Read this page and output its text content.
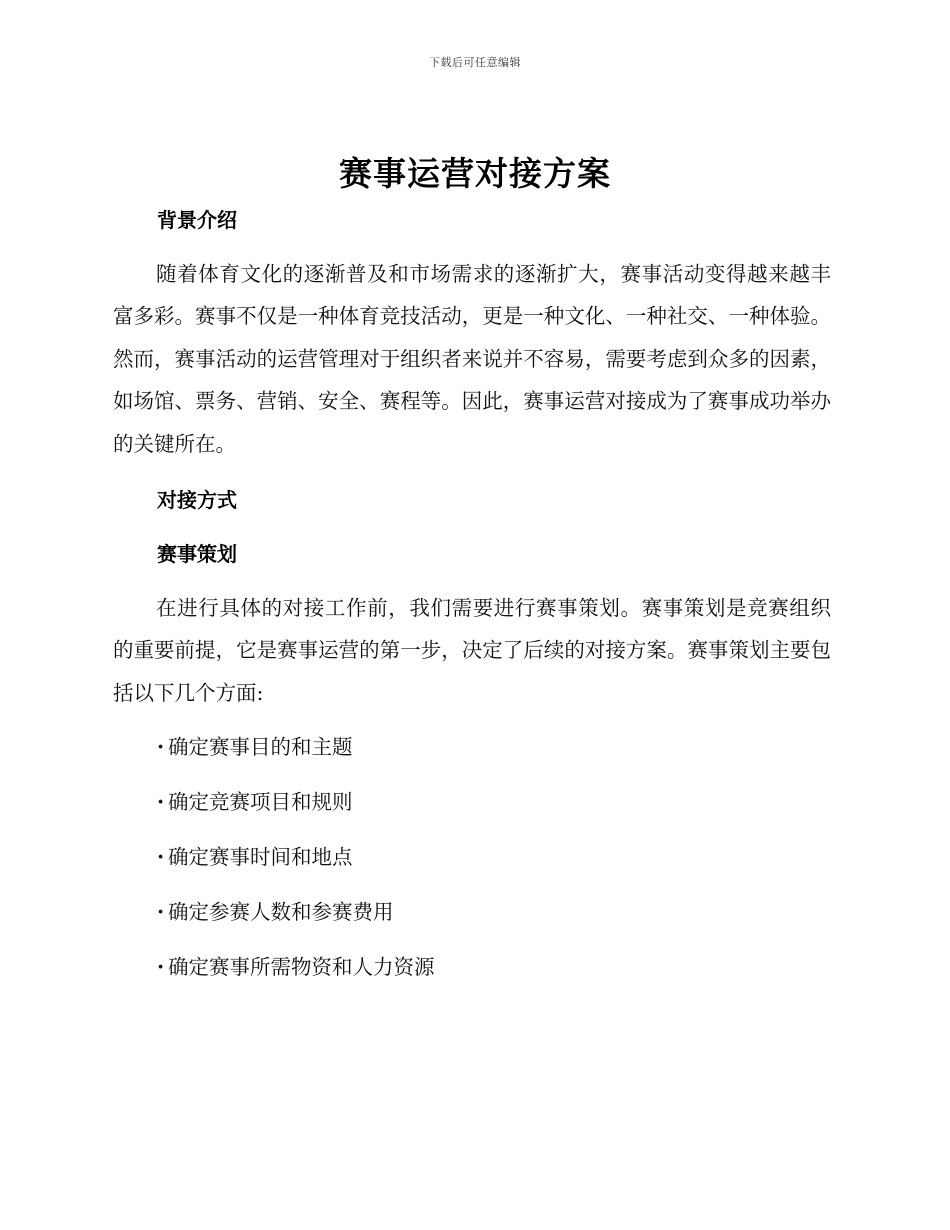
下载后可任意编辑
赛事运营对接方案
背景介绍

随着体育文化的逐渐普及和市场需求的逐渐扩大，赛事活动变得越来越丰富多彩。赛事不仅是一种体育竞技活动，更是一种文化、一种社交、一种体验。然而，赛事活动的运营管理对于组织者来说并不容易，需要考虑到众多的因素，如场馆、票务、营销、安全、赛程等。因此，赛事运营对接成为了赛事成功举办的关键所在。

对接方式
赛事策划

在进行具体的对接工作前，我们需要进行赛事策划。赛事策划是竞赛组织的重要前提，它是赛事运营的第一步，决定了后续的对接方案。赛事策划主要包括以下几个方面:

· 确定赛事目的和主题
· 确定竞赛项目和规则
· 确定赛事时间和地点
· 确定参赛人数和参赛费用
· 确定赛事所需物资和人力资源
